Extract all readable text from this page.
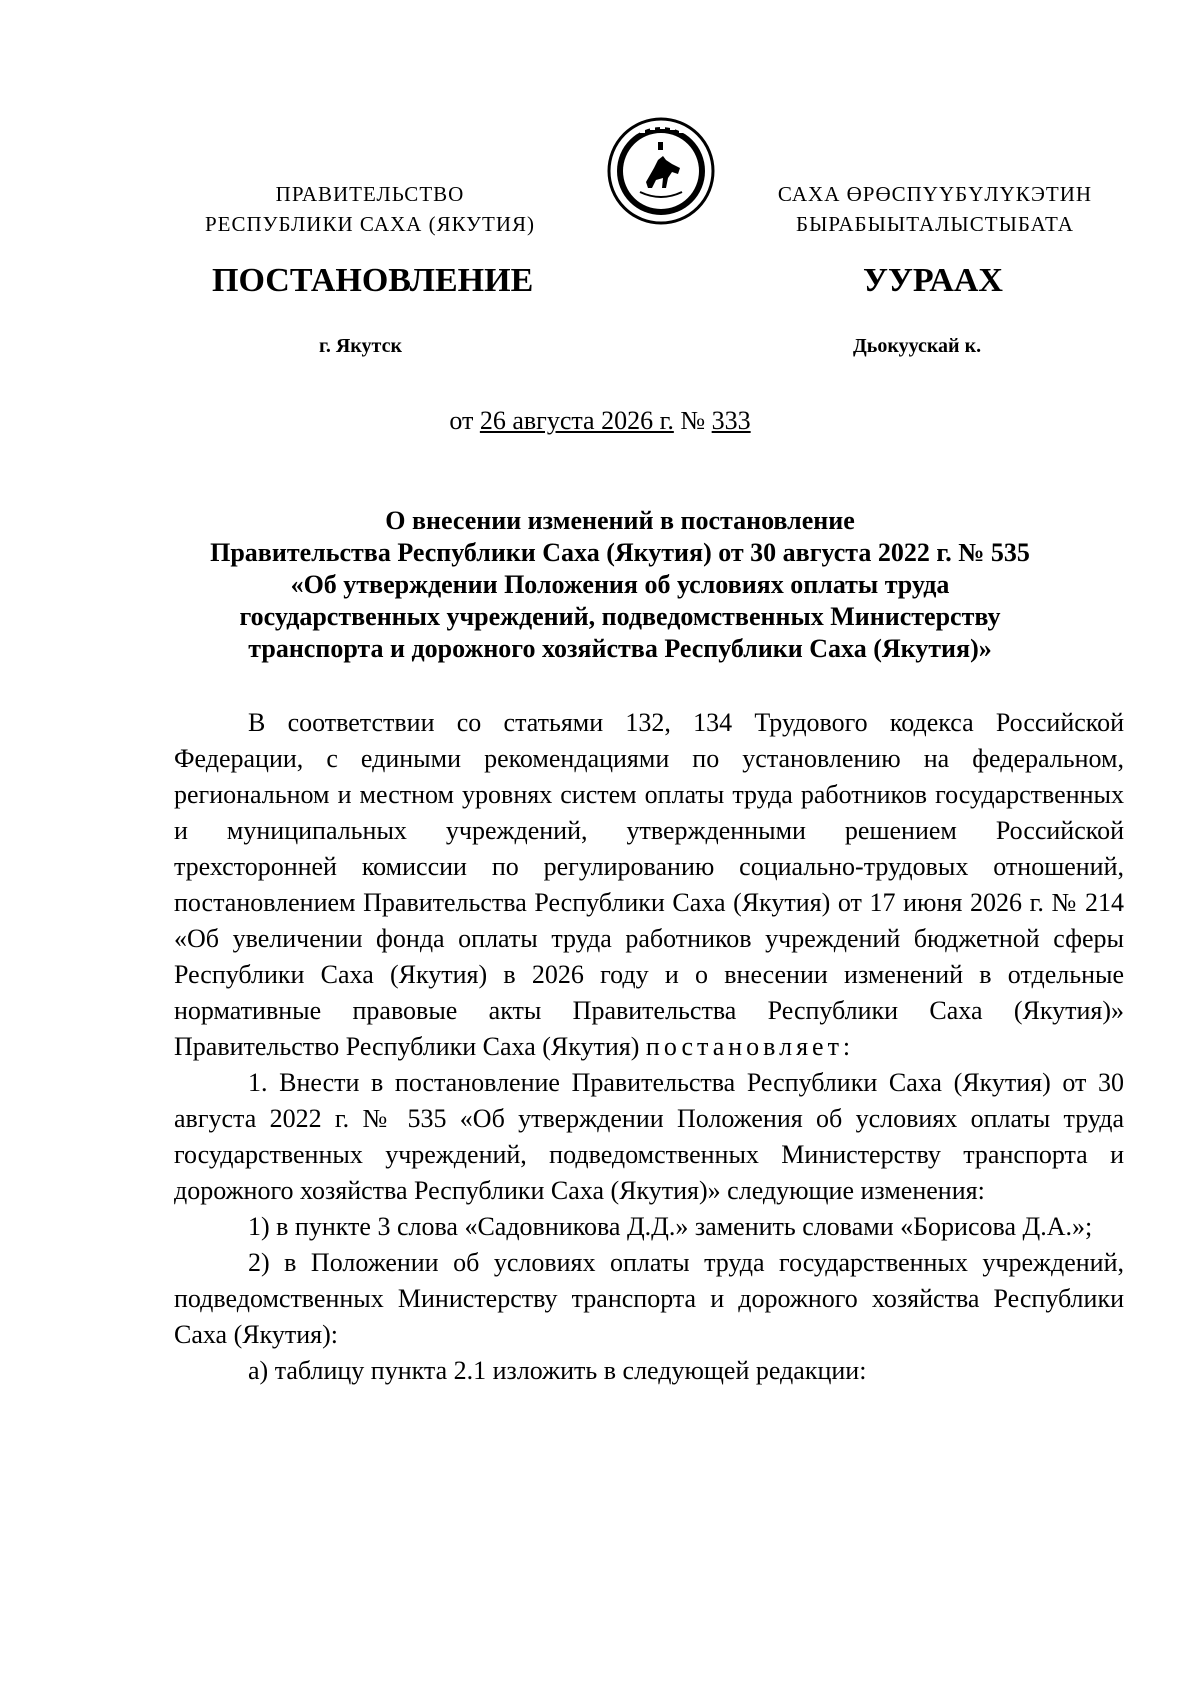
ПРАВИТЕЛЬСТВО
РЕСПУБЛИКИ САХА (ЯКУТИЯ)
САХА ӨРӨСПҮҮБҮЛҮКЭТИН
БЫРАБЫЫТАЛЫСТЫБАТА
ПОСТАНОВЛЕНИЕ	УУРААХ
г. Якутск	Дьокуускай к.
от 26 августа 2026 г. № 333
О внесении изменений в постановление
Правительства Республики Саха (Якутия) от 30 августа 2022 г. № 535
«Об утверждении Положения об условиях оплаты труда
государственных учреждений, подведомственных Министерству
транспорта и дорожного хозяйства Республики Саха (Якутия)»

В соответствии со статьями 132, 134 Трудового кодекса Российской Федерации, с едиными рекомендациями по установлению на федеральном, региональном и местном уровнях систем оплаты труда работников государственных и муниципальных учреждений, утвержденными решением Российской трехсторонней комиссии по регулированию социально-трудовых отношений, постановлением Правительства Республики Саха (Якутия) от 17 июня 2026 г. № 214 «Об увеличении фонда оплаты труда работников учреждений бюджетной сферы Республики Саха (Якутия) в 2026 году и о внесении изменений в отдельные нормативные правовые акты Правительства Республики Саха (Якутия)» Правительство Республики Саха (Якутия) постановляет:

1. Внести в постановление Правительства Республики Саха (Якутия) от 30 августа 2022 г. № 535 «Об утверждении Положения об условиях оплаты труда государственных учреждений, подведомственных Министерству транспорта и дорожного хозяйства Республики Саха (Якутия)» следующие изменения:

1) в пункте 3 слова «Садовникова Д.Д.» заменить словами «Борисова Д.А.»;

2) в Положении об условиях оплаты труда государственных учреждений, подведомственных Министерству транспорта и дорожного хозяйства Республики Саха (Якутия):

а) таблицу пункта 2.1 изложить в следующей редакции:
